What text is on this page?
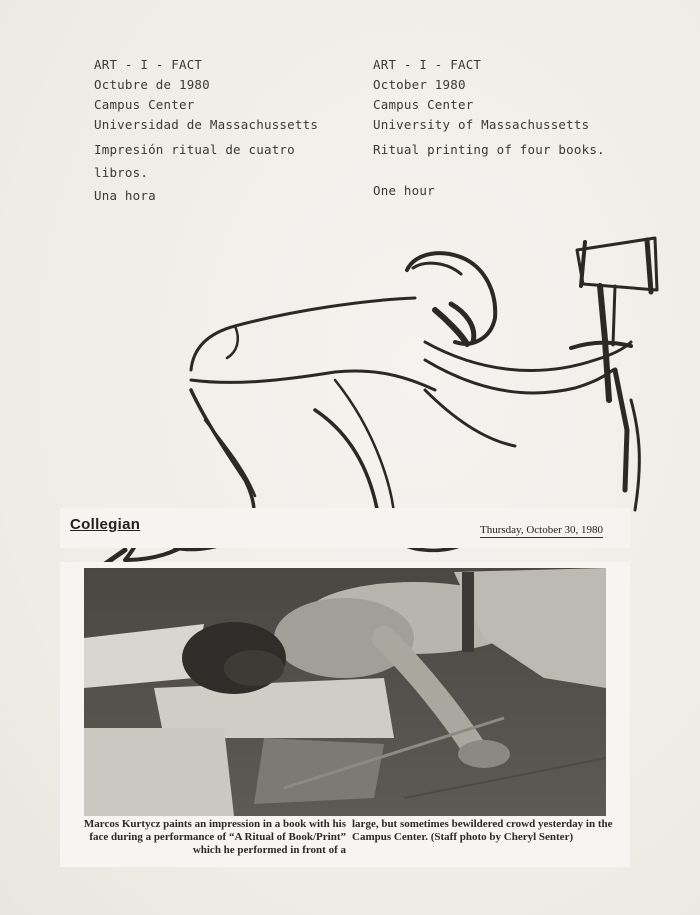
ART - I - FACT
Octubre de 1980
Campus Center
Universidad de Massachussetts
Impresión ritual de cuatro libros.
Una hora
ART - I - FACT
October 1980
Campus Center
University of Massachussetts
Ritual printing of four books.
One hour
Collegian	Thursday, October 30, 1980
Marcos Kurtycz paints an impression in a book with his face during a performance of “A Ritual of Book/Print” which he performed in front of a
large, but sometimes bewildered crowd yesterday in the Campus Center. (Staff photo by Cheryl Senter)
